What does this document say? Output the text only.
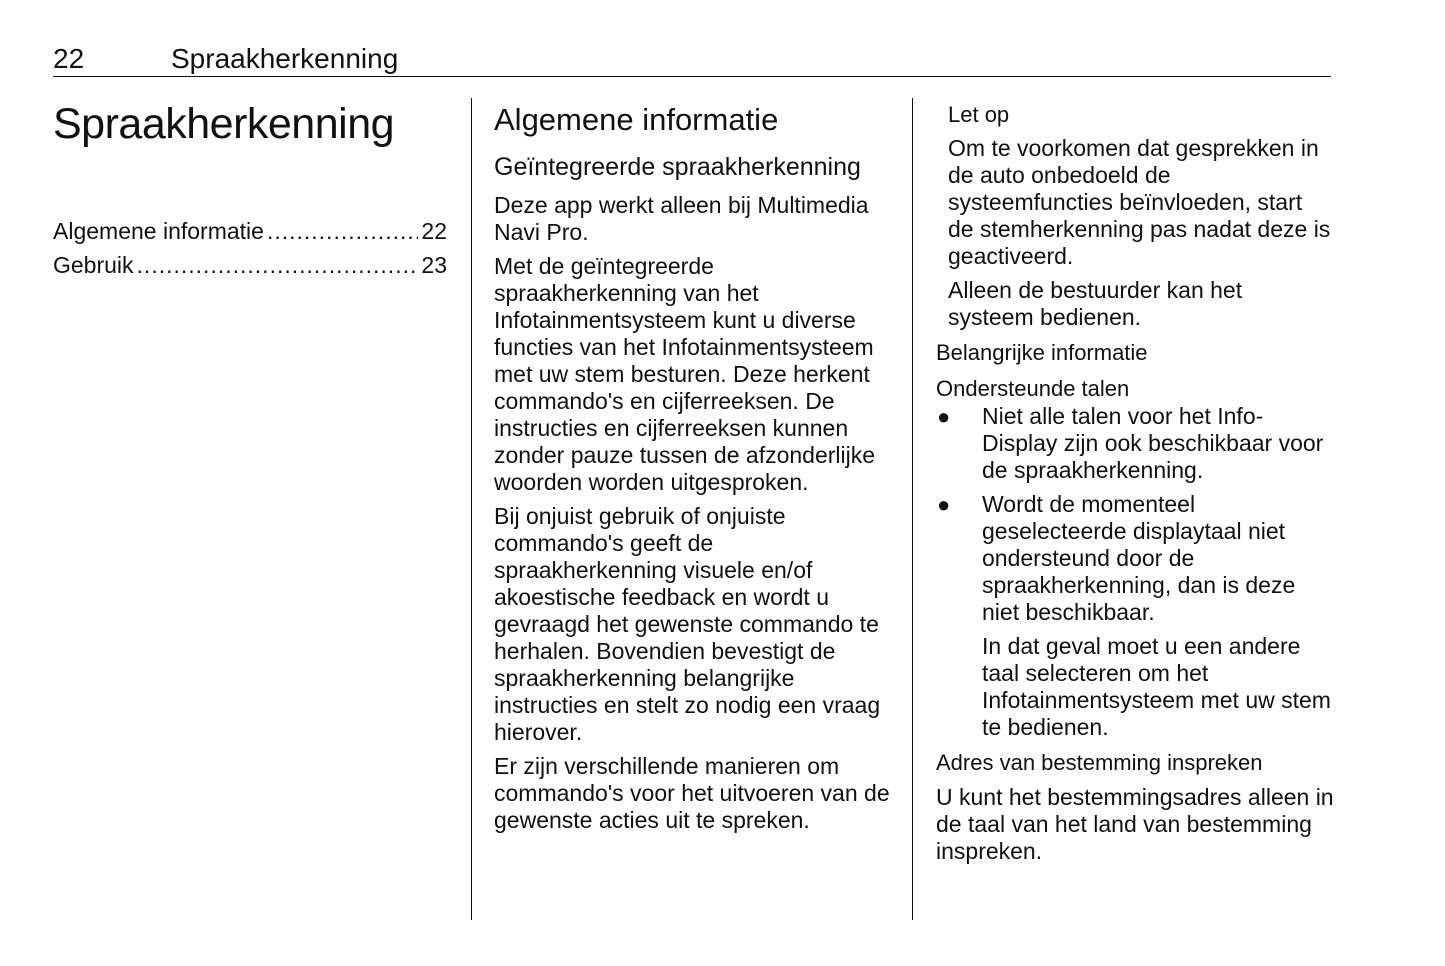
22	Spraakherkenning
Spraakherkenning
Algemene informatie .....	22
Gebruik .....	23
Algemene informatie
Geïntegreerde spraakherkenning

Deze app werkt alleen bij Multimedia Navi Pro.

Met de geïntegreerde spraakherkenning van het Infotainmentsysteem kunt u diverse functies van het Infotainmentsysteem met uw stem besturen. Deze herkent commando's en cijferreeksen. De instructies en cijferreeksen kunnen zonder pauze tussen de afzonderlijke woorden worden uitgesproken.

Bij onjuist gebruik of onjuiste commando's geeft de spraakherkenning visuele en/of akoestische feedback en wordt u gevraagd het gewenste commando te herhalen. Bovendien bevestigt de spraakherkenning belangrijke instructies en stelt zo nodig een vraag hierover.

Er zijn verschillende manieren om commando's voor het uitvoeren van de gewenste acties uit te spreken.

Let op

Om te voorkomen dat gesprekken in de auto onbedoeld de systeemfuncties beïnvloeden, start de stemherkenning pas nadat deze is geactiveerd.

Alleen de bestuurder kan het systeem bedienen.

Belangrijke informatie

Ondersteunde talen

● Niet alle talen voor het Info-Display zijn ook beschikbaar voor de spraakherkenning.

● Wordt de momenteel geselecteerde displaytaal niet ondersteund door de spraakherkenning, dan is deze niet beschikbaar.

In dat geval moet u een andere taal selecteren om het Infotainmentsysteem met uw stem te bedienen.

Adres van bestemming inspreken

U kunt het bestemmingsadres alleen in de taal van het land van bestemming inspreken.
